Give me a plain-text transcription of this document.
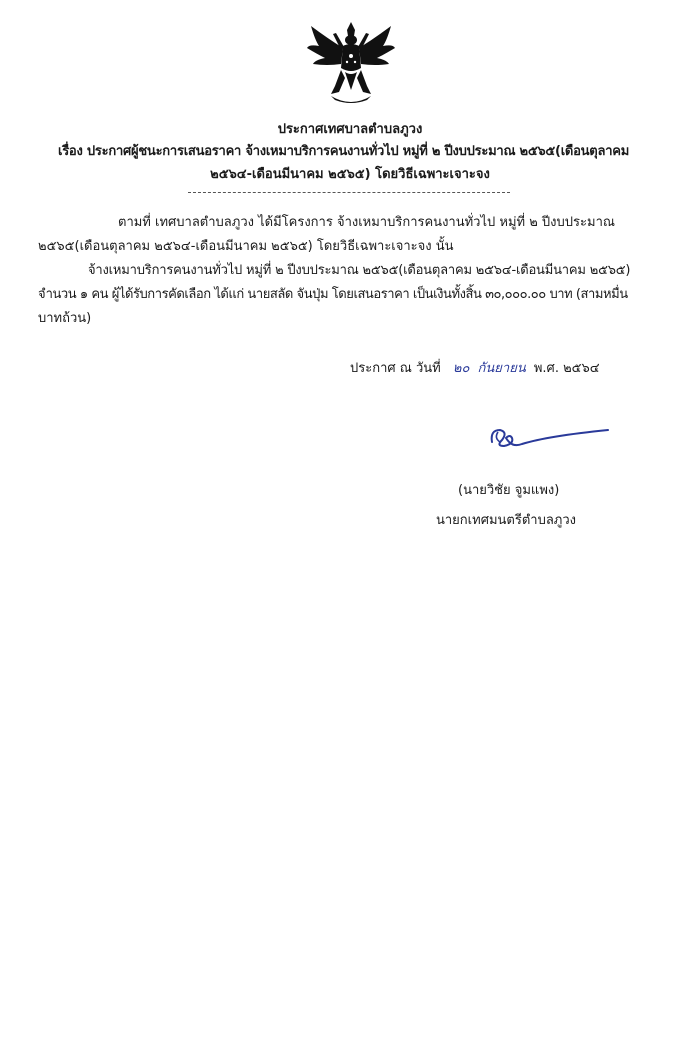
ประกาศเทศบาลตำบลภูวง
เรื่อง ประกาศผู้ชนะการเสนอราคา จ้างเหมาบริการคนงานทั่วไป หมู่ที่ ๒ ปีงบประมาณ ๒๕๖๕(เดือนตุลาคม
๒๕๖๔-เดือนมีนาคม ๒๕๖๕) โดยวิธีเฉพาะเจาะจง
ตามที่ เทศบาลตำบลภูวง ได้มีโครงการ จ้างเหมาบริการคนงานทั่วไป หมู่ที่ ๒ ปีงบประมาณ
๒๕๖๕(เดือนตุลาคม ๒๕๖๔-เดือนมีนาคม ๒๕๖๕) โดยวิธีเฉพาะเจาะจง นั้น
จ้างเหมาบริการคนงานทั่วไป หมู่ที่ ๒ ปีงบประมาณ ๒๕๖๕(เดือนตุลาคม ๒๕๖๔-เดือนมีนาคม ๒๕๖๕)
จำนวน ๑ คน ผู้ได้รับการคัดเลือก ได้แก่ นายสลัด จันปุ่ม โดยเสนอราคา เป็นเงินทั้งสิ้น ๓๐,๐๐๐.๐๐ บาท (สามหมื่น
บาทถ้วน)
ประกาศ ณ วันที่ ๒๐ กันยายน พ.ศ. ๒๕๖๔
(นายวิชัย จูมแพง)
นายกเทศมนตรีตำบลภูวง
